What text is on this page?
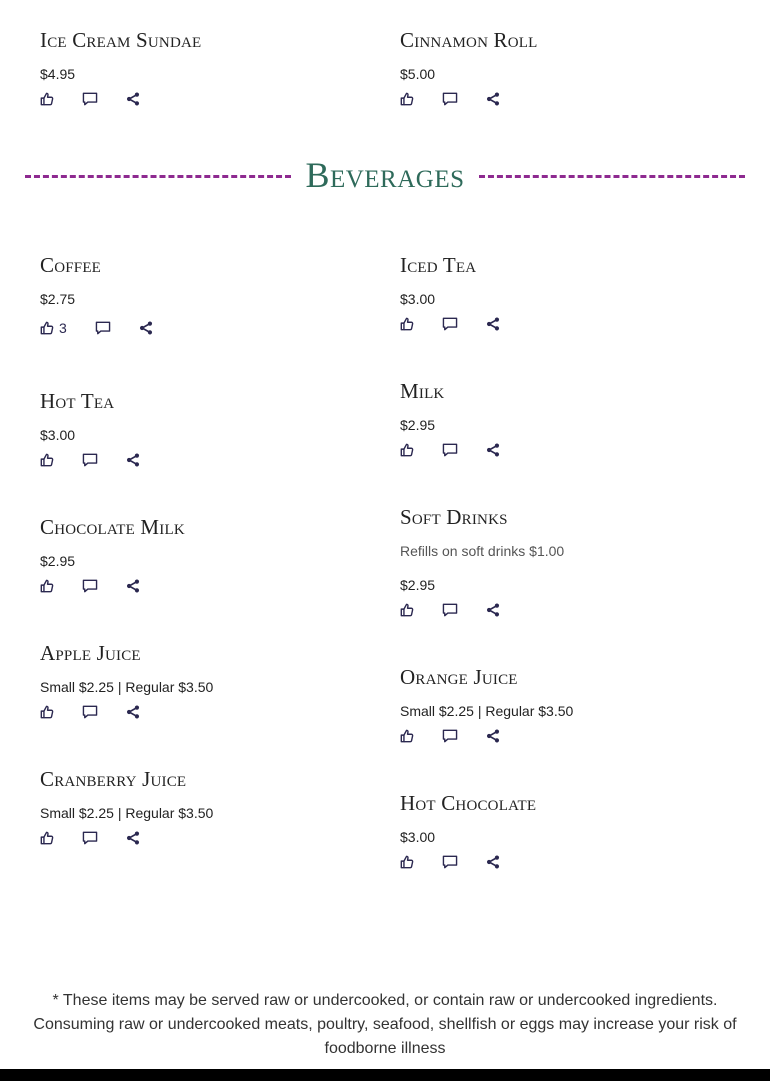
Ice Cream Sundae
$4.95
Cinnamon Roll
$5.00
Beverages
Coffee
$2.75
3
Hot Tea
$3.00
Chocolate Milk
$2.95
Apple Juice
Small $2.25 | Regular $3.50
Cranberry Juice
Small $2.25 | Regular $3.50
Iced Tea
$3.00
Milk
$2.95
Soft Drinks
Refills on soft drinks $1.00
$2.95
Orange Juice
Small $2.25 | Regular $3.50
Hot Chocolate
$3.00
* These items may be served raw or undercooked, or contain raw or undercooked ingredients. Consuming raw or undercooked meats, poultry, seafood, shellfish or eggs may increase your risk of foodborne illness
